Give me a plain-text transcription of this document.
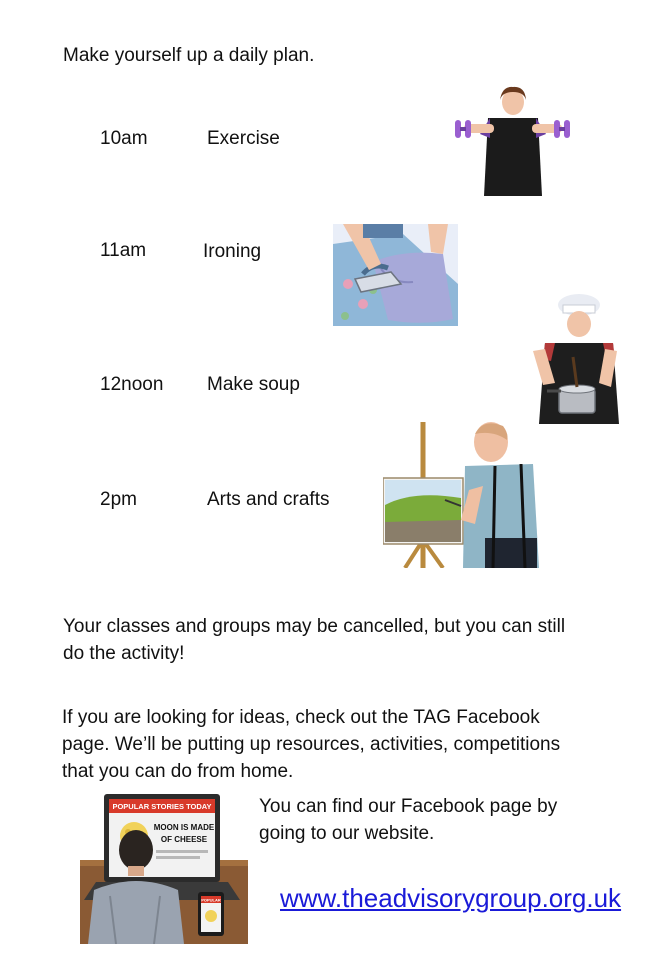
Make yourself up a daily plan.
10am	Exercise
11am	Ironing
12noon Make soup
2pm	Arts and crafts
Your classes and groups may be cancelled, but you can still
do the activity!
If you are looking for ideas, check out the TAG Facebook
page. We’ll be putting up resources, activities, competitions
that you can do from home.
POPULAR STORIES TODAY
MOON IS MADE
OF CHEESE
POPULAR
You can find our Facebook page by
going to our website.
www.theadvisorygroup.org.uk
